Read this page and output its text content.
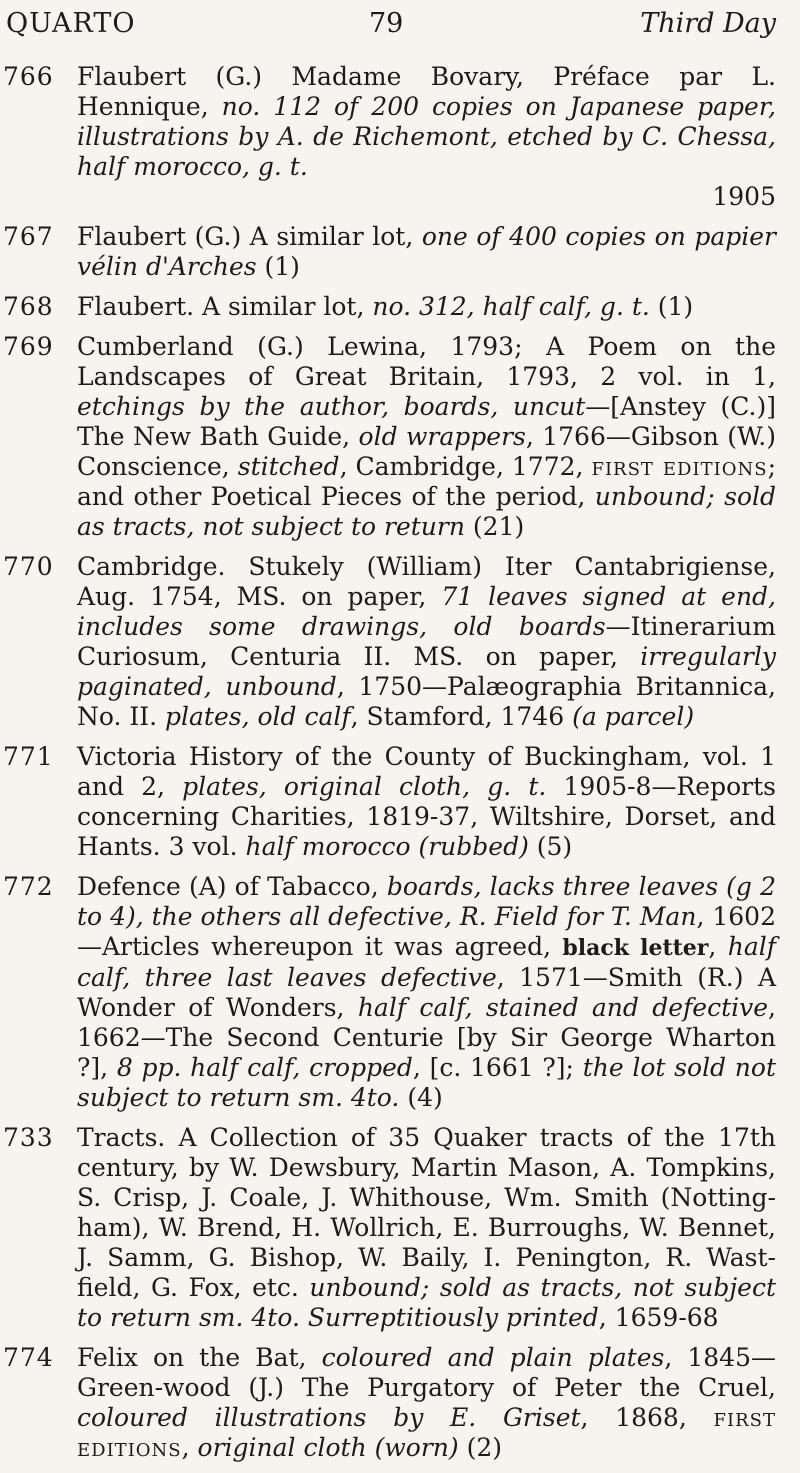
QUARTO	79	Third Day
766 Flaubert (G.) Madame Bovary, Préface par L. Hennique, no. 112 of 200 copies on Japanese paper, illustrations by A. de Richemont, etched by C. Chessa, half morocco, g. t.
1905
767 Flaubert (G.) A similar lot, one of 400 copies on papier vélin d'Arches (1)
768 Flaubert. A similar lot, no. 312, half calf, g. t. (1)
769 Cumberland (G.) Lewina, 1793; A Poem on the Landscapes of Great Britain, 1793, 2 vol. in 1, etchings by the author, boards, uncut—[Anstey (C.)] The New Bath Guide, old wrappers, 1766—Gibson (W.) Conscience, stitched, Cambridge, 1772, first editions; and other Poetical Pieces of the period, unbound; sold as tracts, not subject to return (21)
770 Cambridge. Stukely (William) Iter Cantabrigiense, Aug. 1754, MS. on paper, 71 leaves signed at end, includes some drawings, old boards—Itinerarium Curiosum, Centuria II. MS. on paper, irregularly paginated, unbound, 1750—Palæographia Britannica, No. II. plates, old calf, Stamford, 1746 (a parcel)
771 Victoria History of the County of Buckingham, vol. 1 and 2, plates, original cloth, g. t. 1905-8—Reports concerning Charities, 1819-37, Wiltshire, Dorset, and Hants. 3 vol. half morocco (rubbed) (5)
772 Defence (A) of Tabacco, boards, lacks three leaves (g 2 to 4), the others all defective, R. Field for T. Man, 1602—Articles whereupon it was agreed, black letter, half calf, three last leaves defective, 1571—Smith (R.) A Wonder of Wonders, half calf, stained and defective, 1662—The Second Centurie [by Sir George Wharton ?], 8 pp. half calf, cropped, [c. 1661 ?]; the lot sold not subject to return sm. 4to. (4)
733 Tracts. A Collection of 35 Quaker tracts of the 17th century, by W. Dewsbury, Martin Mason, A. Tompkins, S. Crisp, J. Coale, J. Whithouse, Wm. Smith (Notting-ham), W. Brend, H. Wollrich, E. Burroughs, W. Bennet, J. Samm, G. Bishop, W. Baily, I. Penington, R. Wast-field, G. Fox, etc. unbound; sold as tracts, not subject to return sm. 4to. Surreptitiously printed, 1659-68
774 Felix on the Bat, coloured and plain plates, 1845—Green-wood (J.) The Purgatory of Peter the Cruel, coloured illustrations by E. Griset, 1868, first editions, original cloth (worn) (2)
